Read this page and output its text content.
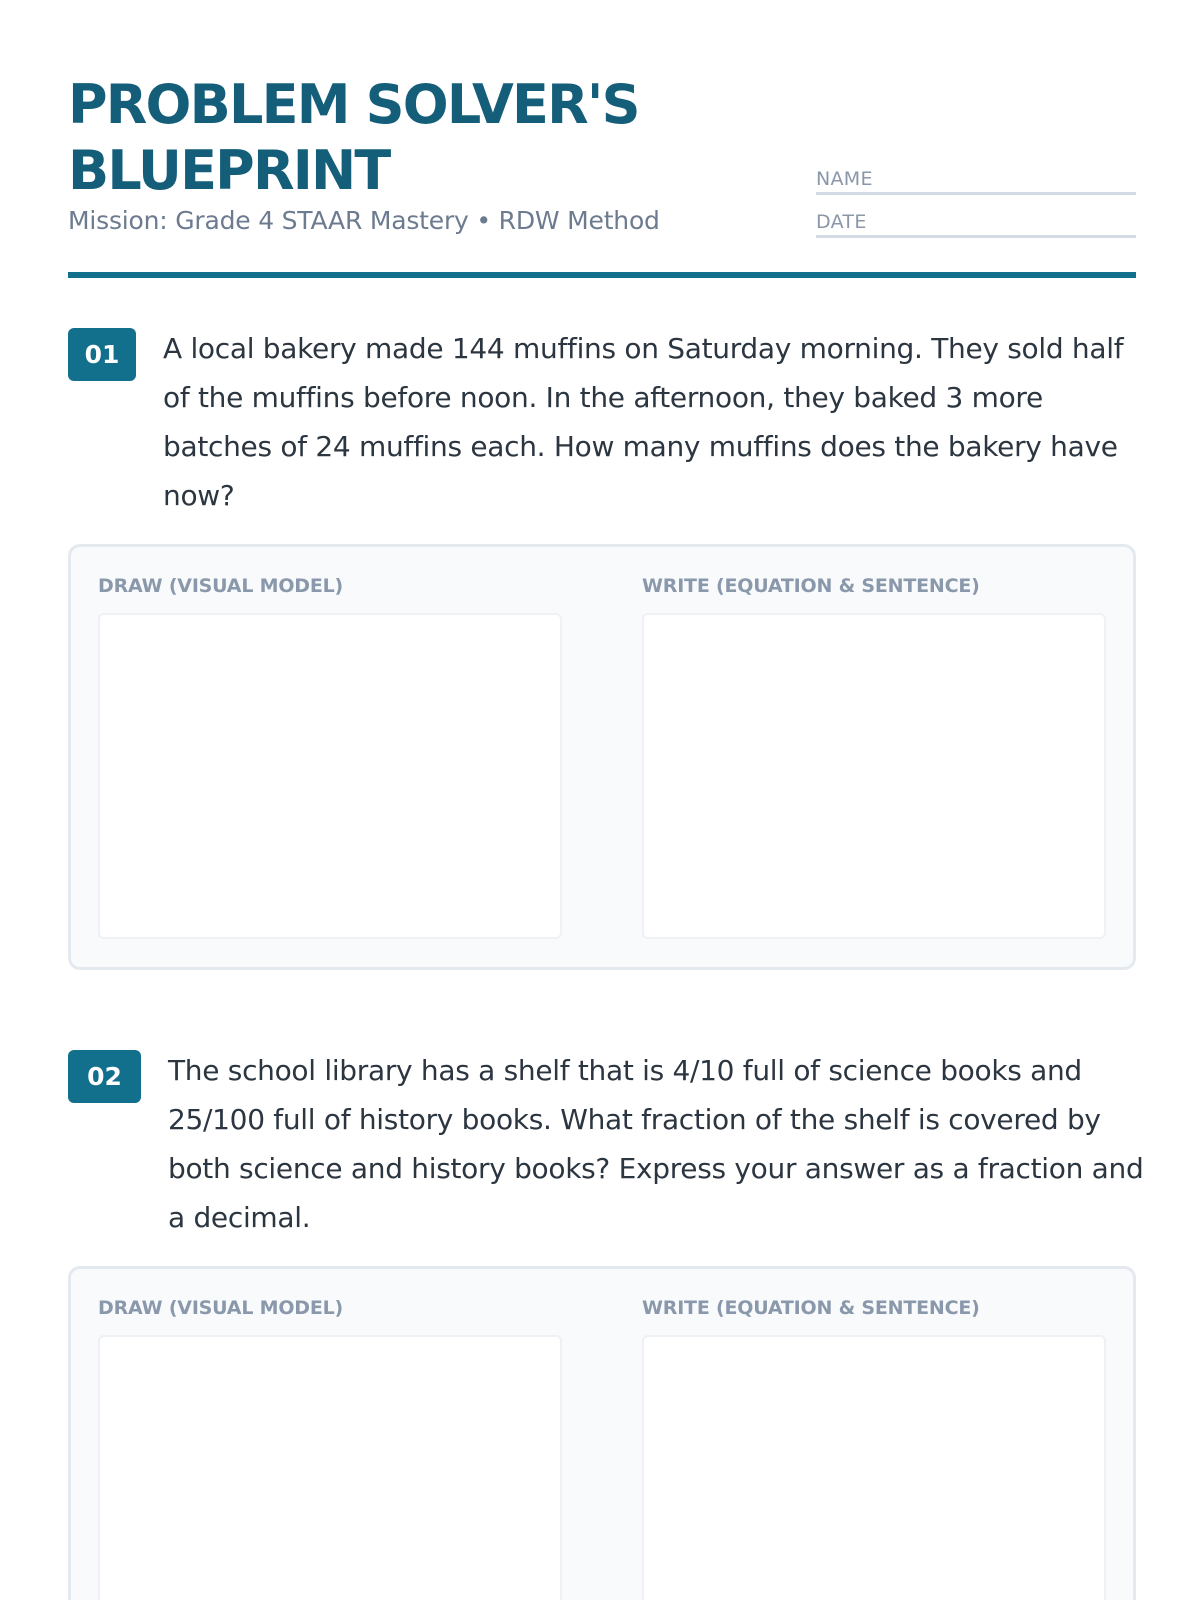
PROBLEM SOLVER'S BLUEPRINT
Mission: Grade 4 STAAR Mastery • RDW Method
NAME
DATE
01	A local bakery made 144 muffins on Saturday morning. They sold half of the muffins before noon. In the afternoon, they baked 3 more batches of 24 muffins each. How many muffins does the bakery have now?

DRAW (VISUAL MODEL)	WRITE (EQUATION & SENTENCE)
02	The school library has a shelf that is 4/10 full of science books and 25/100 full of history books. What fraction of the shelf is covered by both science and history books? Express your answer as a fraction and a decimal.

DRAW (VISUAL MODEL)	WRITE (EQUATION & SENTENCE)
